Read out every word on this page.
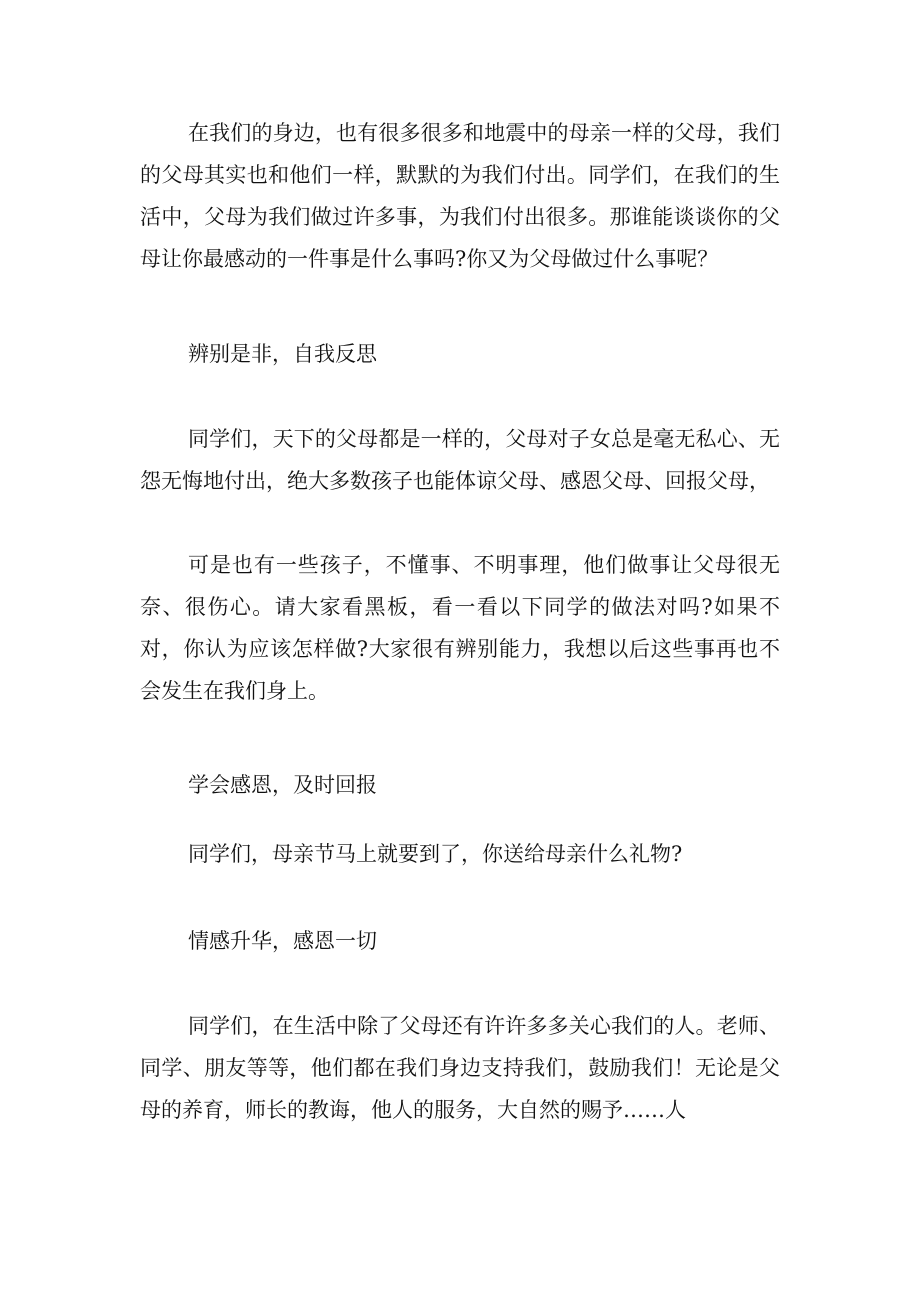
在我们的身边，也有很多很多和地震中的母亲一样的父母，我们的父母其实也和他们一样，默默的为我们付出。同学们，在我们的生活中，父母为我们做过许多事，为我们付出很多。那谁能谈谈你的父母让你最感动的一件事是什么事吗?你又为父母做过什么事呢？

辨别是非，自我反思

同学们，天下的父母都是一样的，父母对子女总是毫无私心、无怨无悔地付出，绝大多数孩子也能体谅父母、感恩父母、回报父母，

可是也有一些孩子，不懂事、不明事理，他们做事让父母很无奈、很伤心。请大家看黑板，看一看以下同学的做法对吗?如果不对，你认为应该怎样做?大家很有辨别能力，我想以后这些事再也不会发生在我们身上。

学会感恩，及时回报

同学们，母亲节马上就要到了，你送给母亲什么礼物?

情感升华，感恩一切

同学们，在生活中除了父母还有许许多多关心我们的人。老师、同学、朋友等等，他们都在我们身边支持我们，鼓励我们！无论是父母的养育，师长的教诲，他人的服务，大自然的赐予……人
